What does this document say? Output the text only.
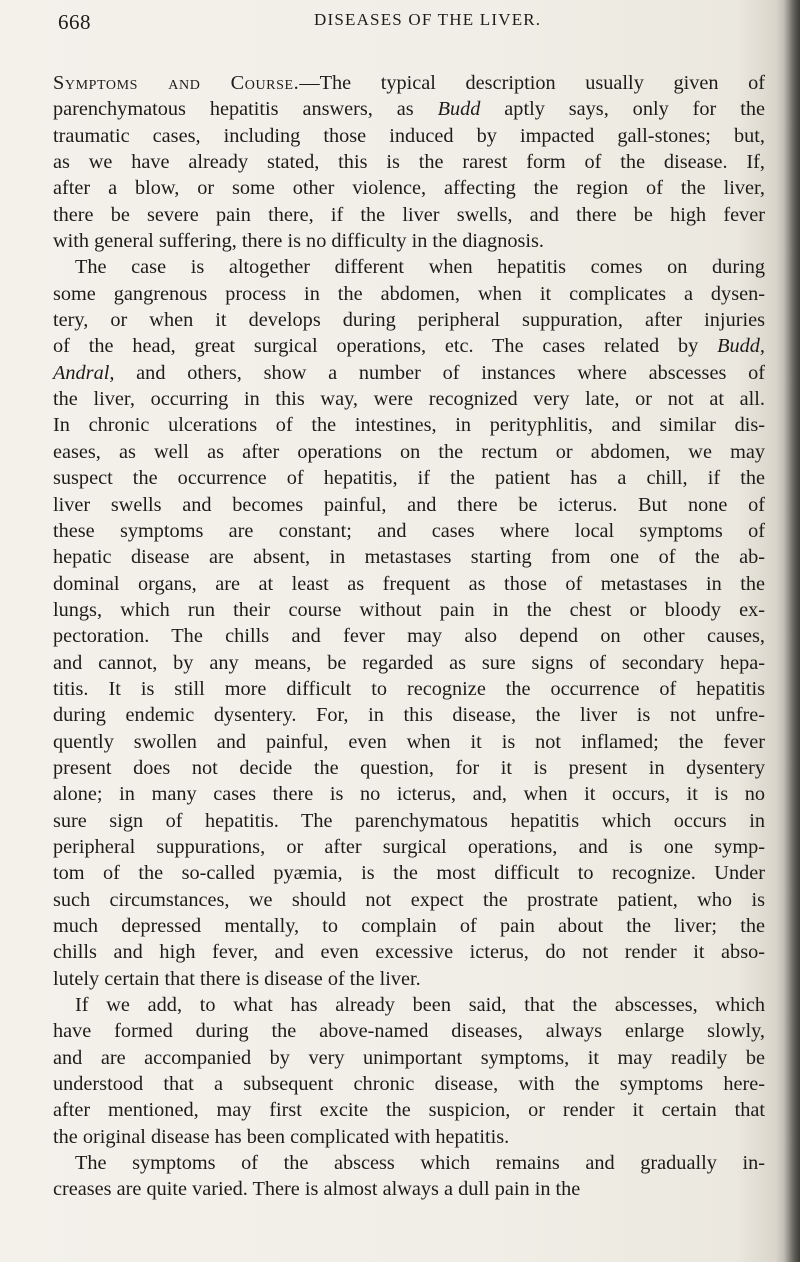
668	DISEASES OF THE LIVER.
Symptoms and Course.—The typical description usually given of
parenchymatous hepatitis answers, as Budd aptly says, only for the
traumatic cases, including those induced by impacted gall-stones; but,
as we have already stated, this is the rarest form of the disease. If,
after a blow, or some other violence, affecting the region of the liver,
there be severe pain there, if the liver swells, and there be high fever
with general suffering, there is no difficulty in the diagnosis.
The case is altogether different when hepatitis comes on during
some gangrenous process in the abdomen, when it complicates a dysen-
tery, or when it develops during peripheral suppuration, after injuries
of the head, great surgical operations, etc. The cases related by Budd,
Andral, and others, show a number of instances where abscesses of
the liver, occurring in this way, were recognized very late, or not at all.
In chronic ulcerations of the intestines, in perityphlitis, and similar dis-
eases, as well as after operations on the rectum or abdomen, we may
suspect the occurrence of hepatitis, if the patient has a chill, if the
liver swells and becomes painful, and there be icterus. But none of
these symptoms are constant; and cases where local symptoms of
hepatic disease are absent, in metastases starting from one of the ab-
dominal organs, are at least as frequent as those of metastases in the
lungs, which run their course without pain in the chest or bloody ex-
pectoration. The chills and fever may also depend on other causes,
and cannot, by any means, be regarded as sure signs of secondary hepa-
titis. It is still more difficult to recognize the occurrence of hepatitis
during endemic dysentery. For, in this disease, the liver is not unfre-
quently swollen and painful, even when it is not inflamed; the fever
present does not decide the question, for it is present in dysentery
alone; in many cases there is no icterus, and, when it occurs, it is no
sure sign of hepatitis. The parenchymatous hepatitis which occurs in
peripheral suppurations, or after surgical operations, and is one symp-
tom of the so-called pyæmia, is the most difficult to recognize. Under
such circumstances, we should not expect the prostrate patient, who is
much depressed mentally, to complain of pain about the liver; the
chills and high fever, and even excessive icterus, do not render it abso-
lutely certain that there is disease of the liver.
If we add, to what has already been said, that the abscesses, which
have formed during the above-named diseases, always enlarge slowly,
and are accompanied by very unimportant symptoms, it may readily be
understood that a subsequent chronic disease, with the symptoms here-
after mentioned, may first excite the suspicion, or render it certain that
the original disease has been complicated with hepatitis.
The symptoms of the abscess which remains and gradually in-
creases are quite varied. There is almost always a dull pain in the
